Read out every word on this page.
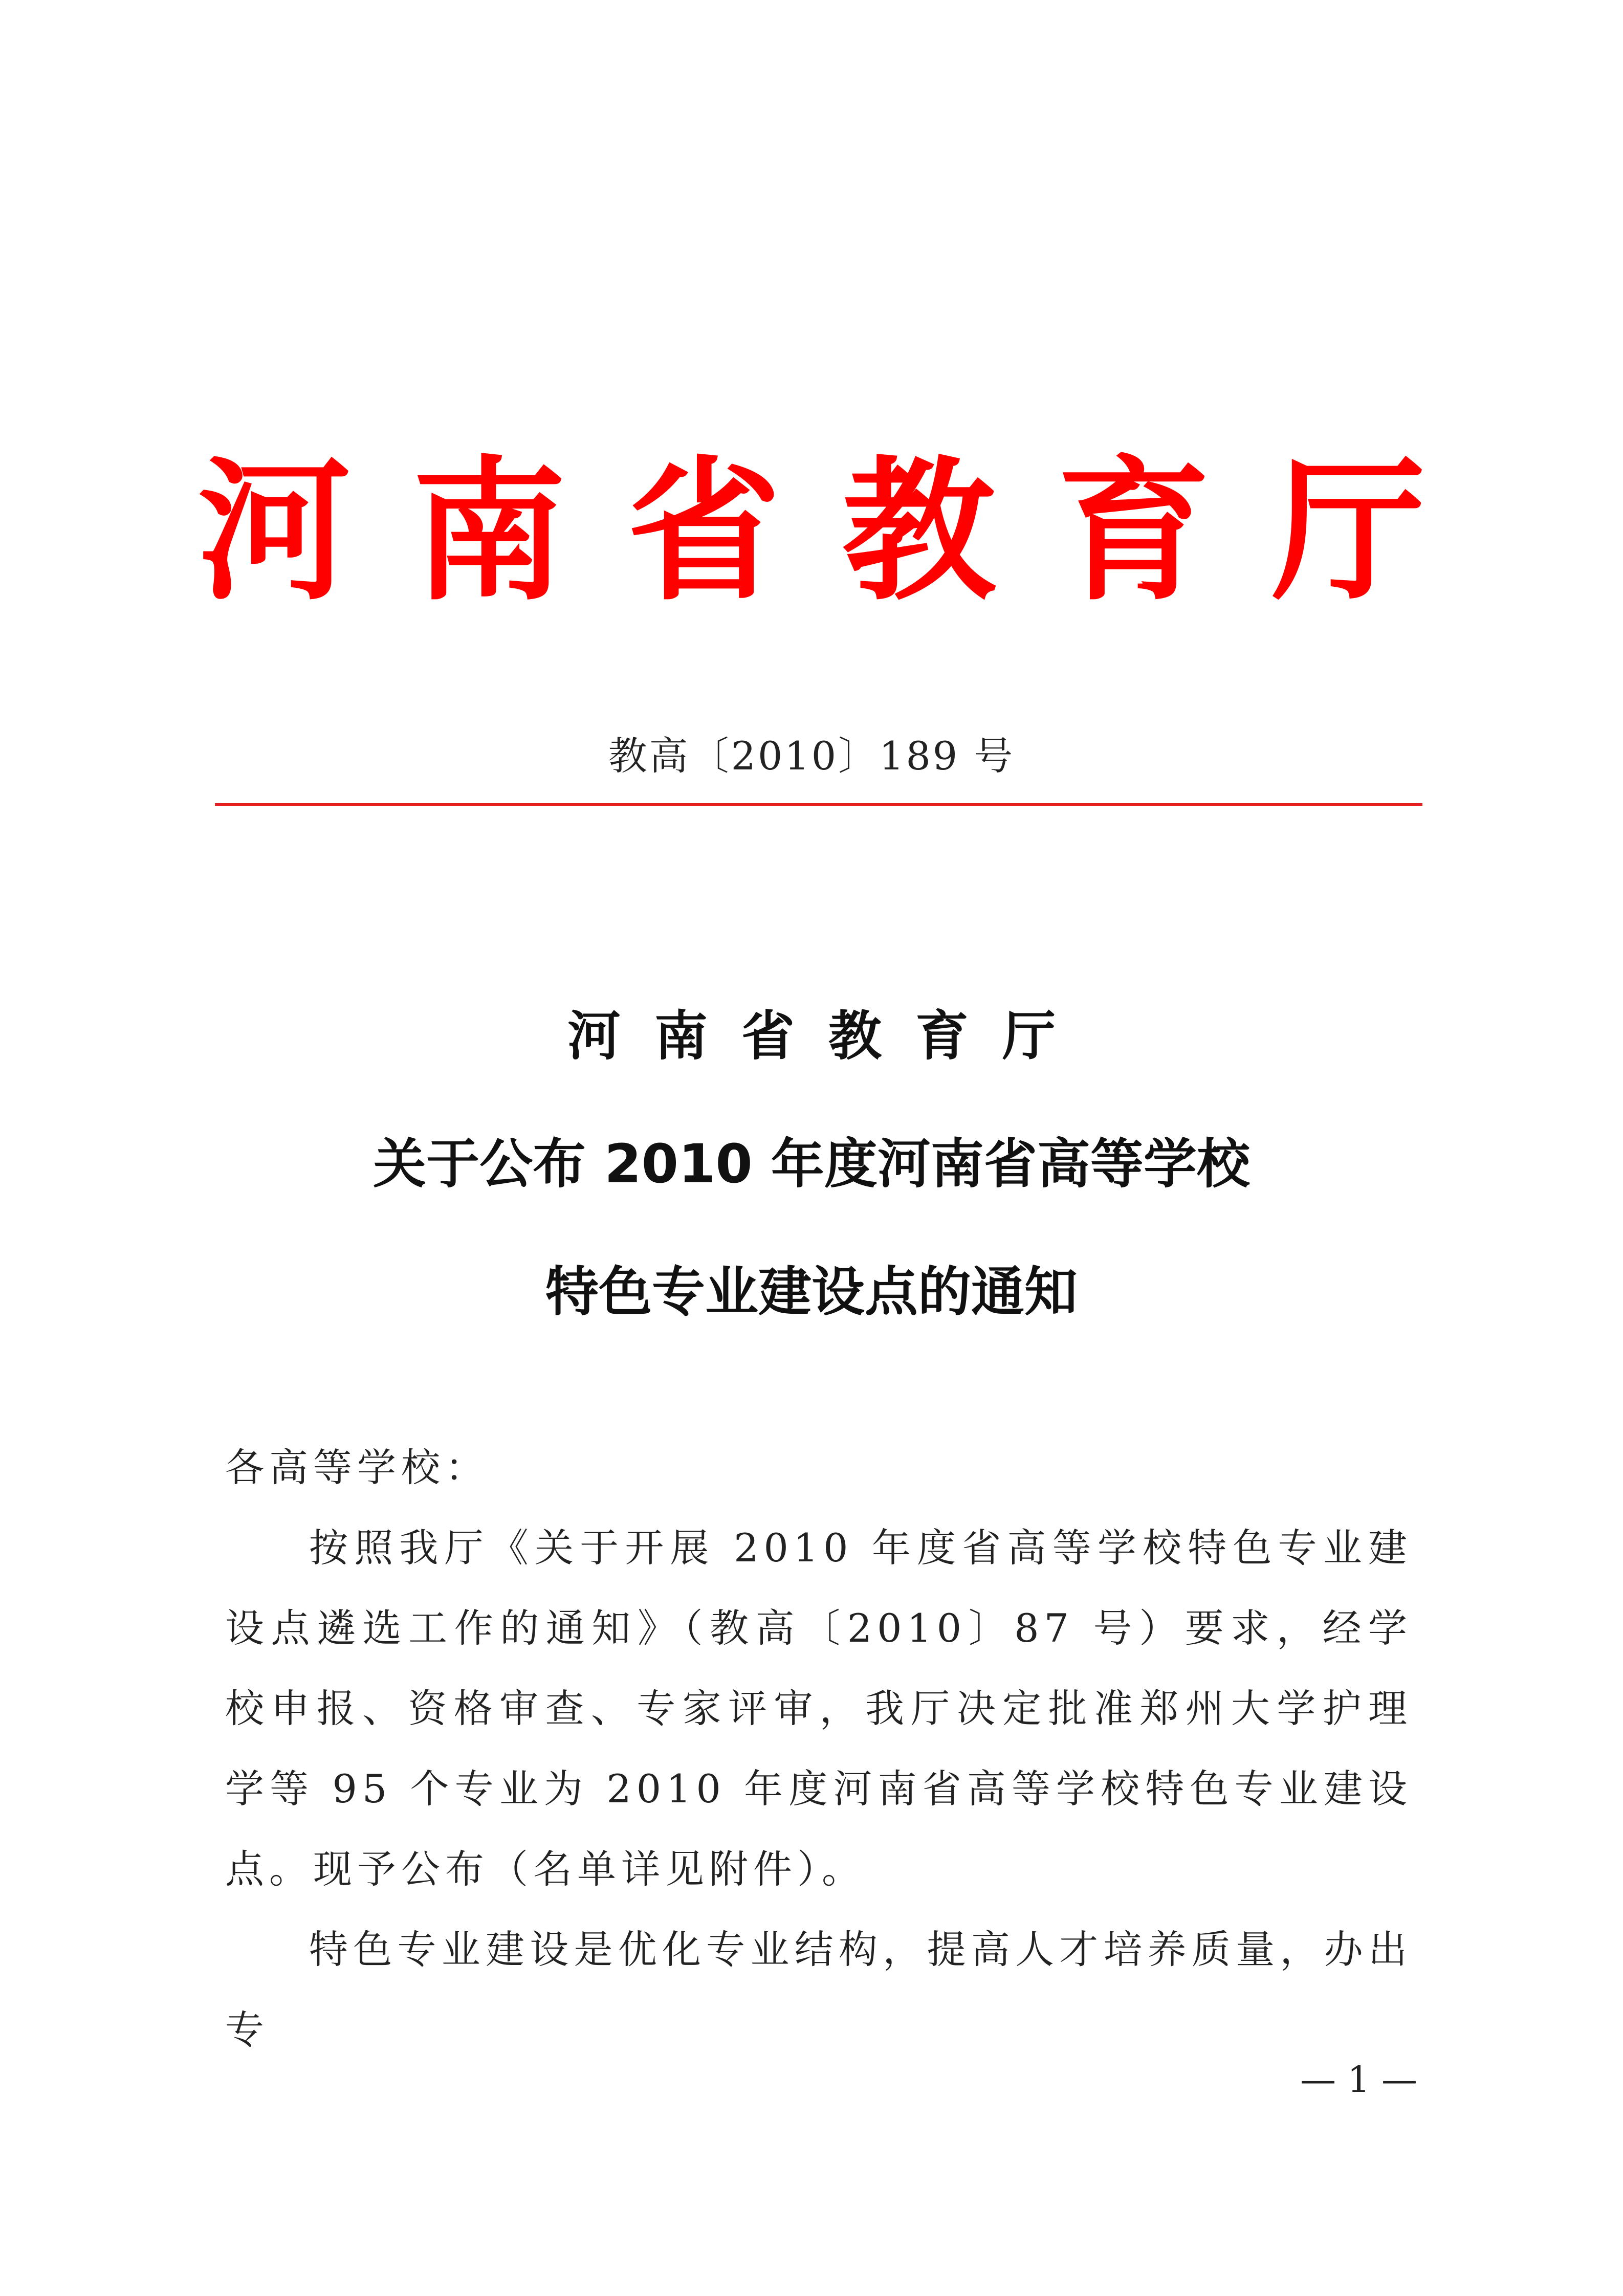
河南省教育厅
教高〔2010〕189 号
河南省教育厅
关于公布 2010 年度河南省高等学校
特色专业建设点的通知

各高等学校：

按照我厅《关于开展 2010 年度省高等学校特色专业建设点遴选工作的通知》（教高〔2010〕87 号）要求，经学校申报、资格审查、专家评审，我厅决定批准郑州大学护理学等 95 个专业为 2010 年度河南省高等学校特色专业建设点。现予公布（名单详见附件）。

特色专业建设是优化专业结构，提高人才培养质量，办出专

— 1 —
